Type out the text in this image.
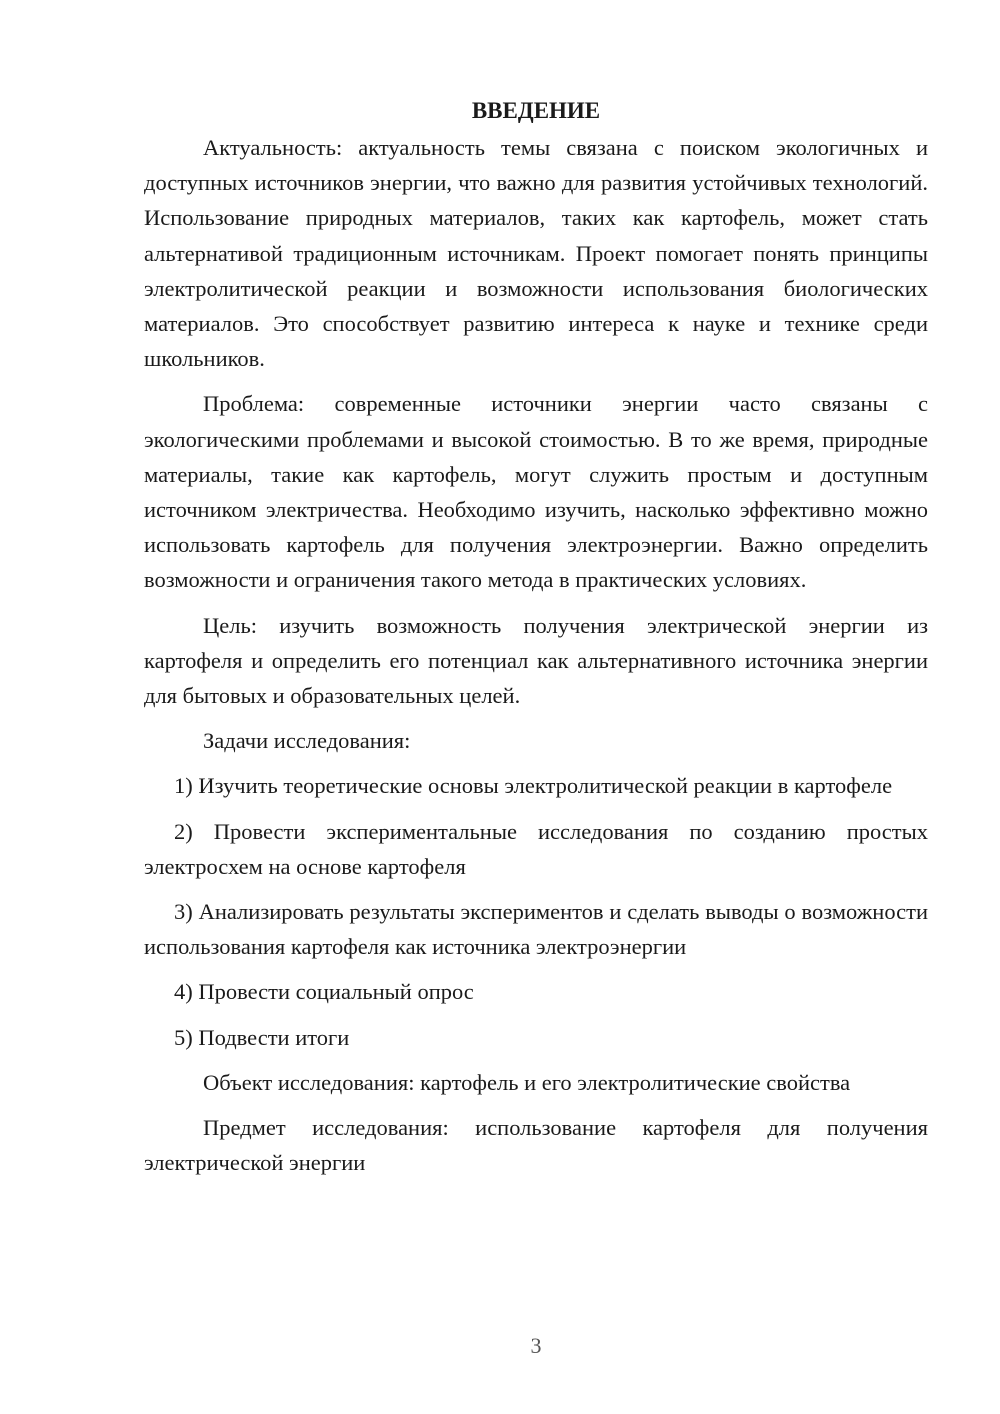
ВВЕДЕНИЕ

Актуальность: актуальность темы связана с поиском экологичных и доступных источников энергии, что важно для развития устойчивых технологий. Использование природных материалов, таких как картофель, может стать альтернативой традиционным источникам. Проект помогает понять принципы электролитической реакции и возможности использования биологических материалов. Это способствует развитию интереса к науке и технике среди школьников.

Проблема: современные источники энергии часто связаны с экологическими проблемами и высокой стоимостью. В то же время, природные материалы, такие как картофель, могут служить простым и доступным источником электричества. Необходимо изучить, насколько эффективно можно использовать картофель для получения электроэнергии. Важно определить возможности и ограничения такого метода в практических условиях.

Цель: изучить возможность получения электрической энергии из картофеля и определить его потенциал как альтернативного источника энергии для бытовых и образовательных целей.

Задачи исследования:

1) Изучить теоретические основы электролитической реакции в картофеле

2) Провести экспериментальные исследования по созданию простых электросхем на основе картофеля

3) Анализировать результаты экспериментов и сделать выводы о возможности использования картофеля как источника электроэнергии

4) Провести социальный опрос

5) Подвести итоги

Объект исследования: картофель и его электролитические свойства

Предмет исследования: использование картофеля для получения электрической энергии

3
